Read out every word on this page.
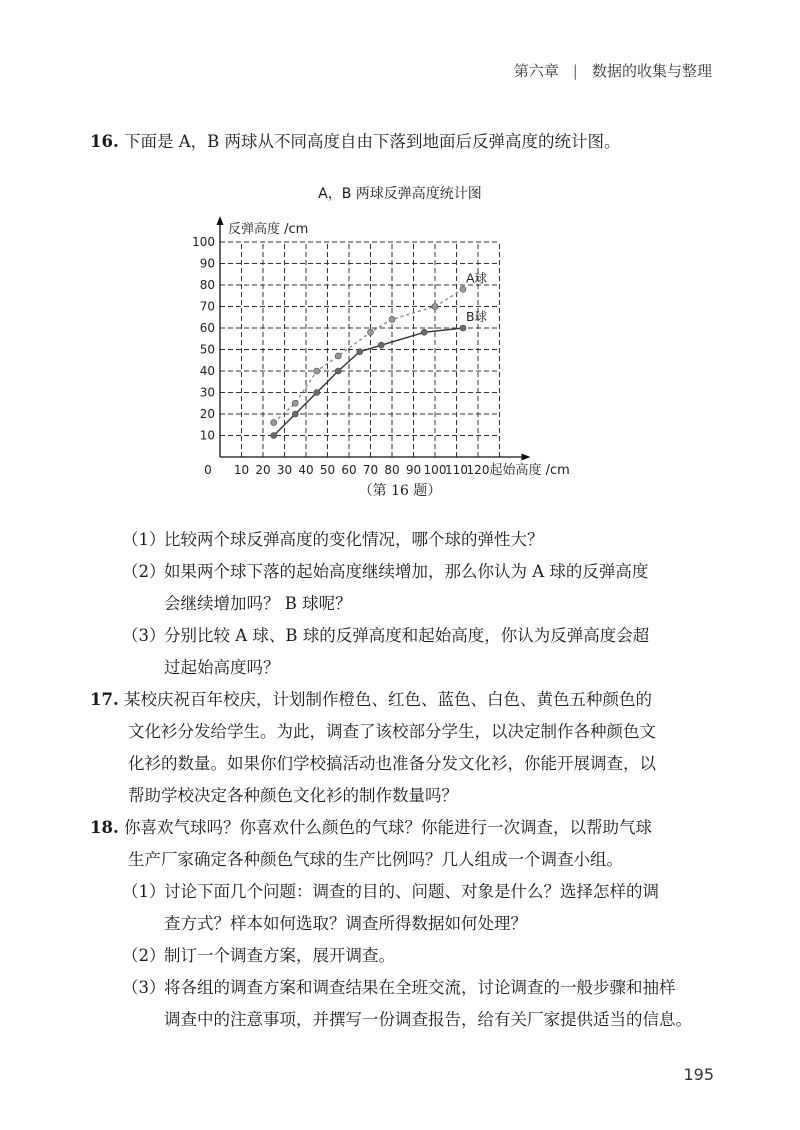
第六章 | 数据的收集与整理
16. 下面是 A，B 两球从不同高度自由下落到地面后反弹高度的统计图。
A，B 两球反弹高度统计图
0 10 20 30 40 50 60 70 80 90 100
110
120
10
20
30
40
50
60
70
80
90
100
A球
B球
反弹高度 /cm
起始高度 /cm
（第 16 题）
（1）比较两个球反弹高度的变化情况，哪个球的弹性大？
（2）如果两个球下落的起始高度继续增加，那么你认为 A 球的反弹高度
会继续增加吗？ B 球呢？
（3）分别比较 A 球、B 球的反弹高度和起始高度，你认为反弹高度会超
过起始高度吗？
17. 某校庆祝百年校庆，计划制作橙色、红色、蓝色、白色、黄色五种颜色的
文化衫分发给学生。为此，调查了该校部分学生，以决定制作各种颜色文
化衫的数量。如果你们学校搞活动也准备分发文化衫，你能开展调查，以
帮助学校决定各种颜色文化衫的制作数量吗？
18. 你喜欢气球吗？你喜欢什么颜色的气球？你能进行一次调查，以帮助气球
生产厂家确定各种颜色气球的生产比例吗？几人组成一个调查小组。
（1）讨论下面几个问题：调查的目的、问题、对象是什么？选择怎样的调
查方式？样本如何选取？调查所得数据如何处理？
（2）制订一个调查方案，展开调查。
（3）将各组的调查方案和调查结果在全班交流，讨论调查的一般步骤和抽样
调查中的注意事项，并撰写一份调查报告，给有关厂家提供适当的信息。
195
